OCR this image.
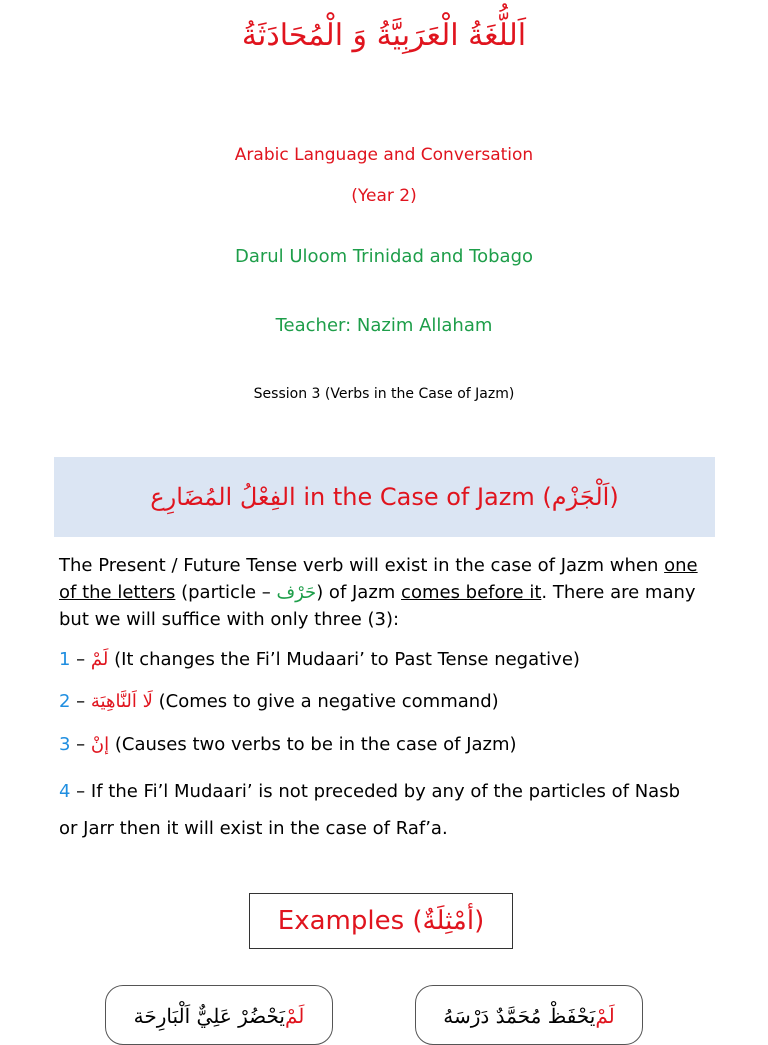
اَللُّغَةُ الْعَرَبِيَّةُ وَ الْمُحَادَثَةُ
Arabic Language and Conversation
(Year 2)
Darul Uloom Trinidad and Tobago
Teacher: Nazim Allaham
Session 3 (Verbs in the Case of Jazm)
الفِعْلُ المُضَارِع in the Case of Jazm ( اَلْجَزْم )
The Present / Future Tense verb will exist in the case of Jazm when one of the letters (particle – حَرْف) of Jazm comes before it. There are many but we will suffice with only three (3):
1 – لَمْ (It changes the Fi’l Mudaari’ to Past Tense negative)
2 – لَا اَلنَّاهِيَة (Comes to give a negative command)
3 – إنْ (Causes two verbs to be in the case of Jazm)
4 – If the Fi’l Mudaari’ is not preceded by any of the particles of Nasb or Jarr then it will exist in the case of Raf’a.
Examples ( أمْثِلَةٌ )
لَمْ
يَحْضُرْ عَلِيٌّ اَلْبَارِحَة	لَمْ
يَحْفَظْ مُحَمَّدٌ دَرْسَهُ
